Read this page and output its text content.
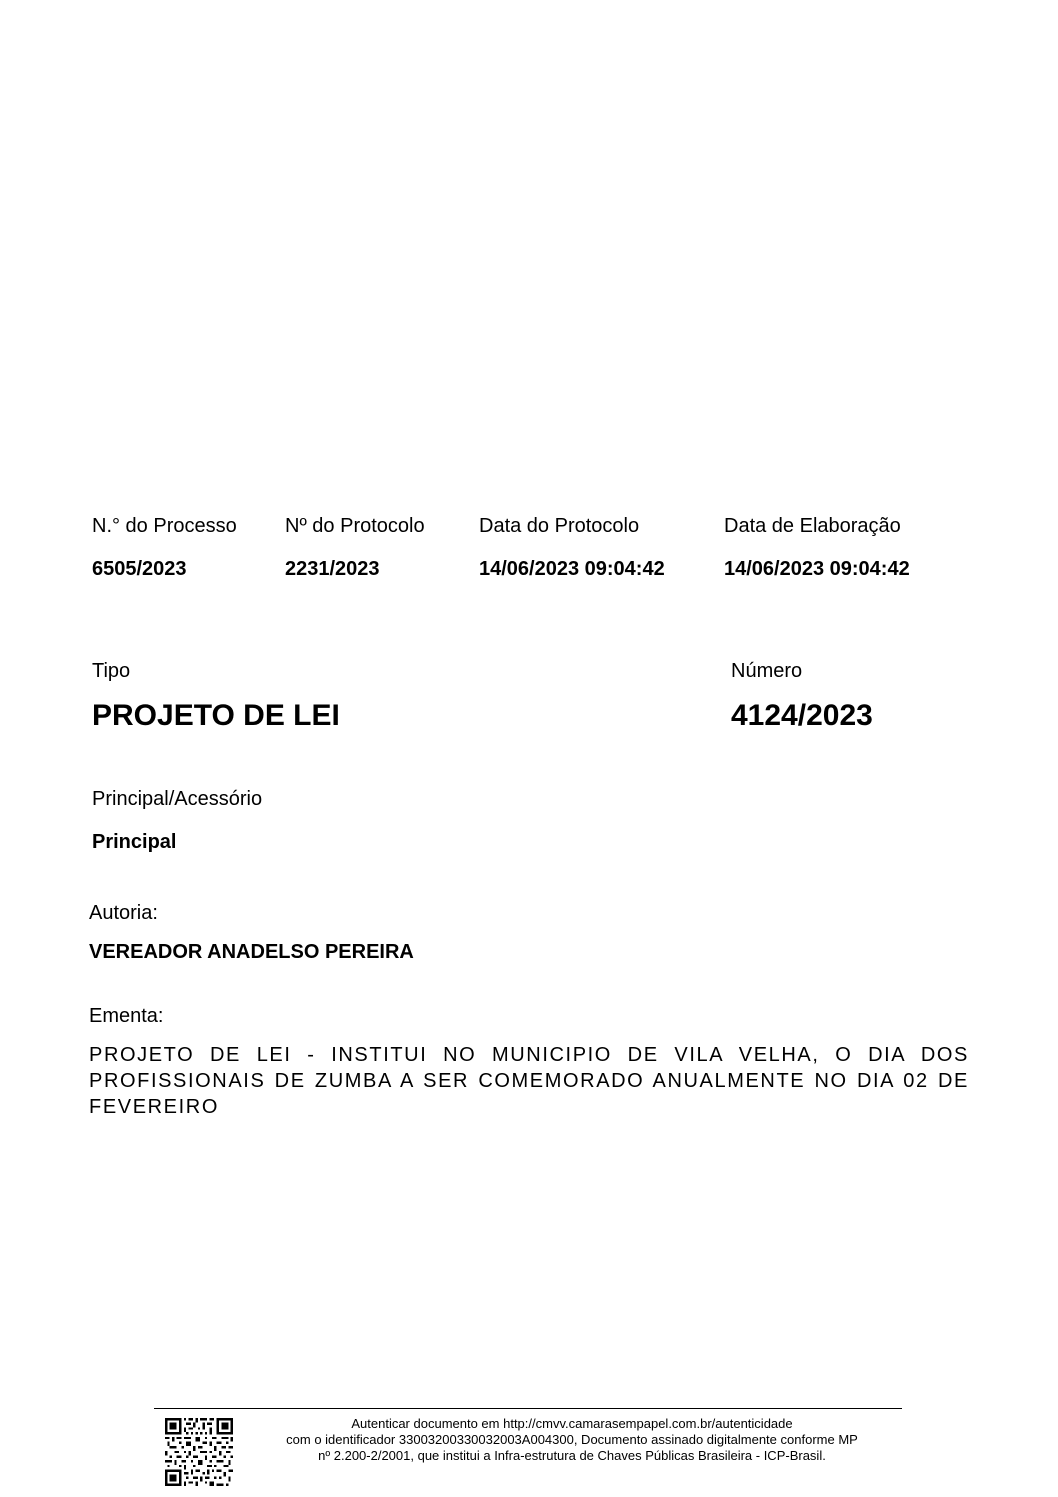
N.° do Processo
6505/2023
Nº do Protocolo
2231/2023
Data do Protocolo
14/06/2023 09:04:42
Data de Elaboração
14/06/2023 09:04:42
Tipo
PROJETO DE LEI
Número
4124/2023
Principal/Acessório
Principal
Autoria:
VEREADOR ANADELSO PEREIRA
Ementa:
PROJETO DE LEI - INSTITUI NO MUNICIPIO DE VILA VELHA, O DIA DOS PROFISSIONAIS DE ZUMBA A SER COMEMORADO ANUALMENTE NO DIA 02 DE FEVEREIRO
Autenticar documento em http://cmvv.camarasempapel.com.br/autenticidade
com o identificador 33003200330032003A004300, Documento assinado digitalmente conforme MP
nº 2.200-2/2001, que institui a Infra-estrutura de Chaves Públicas Brasileira - ICP-Brasil.
